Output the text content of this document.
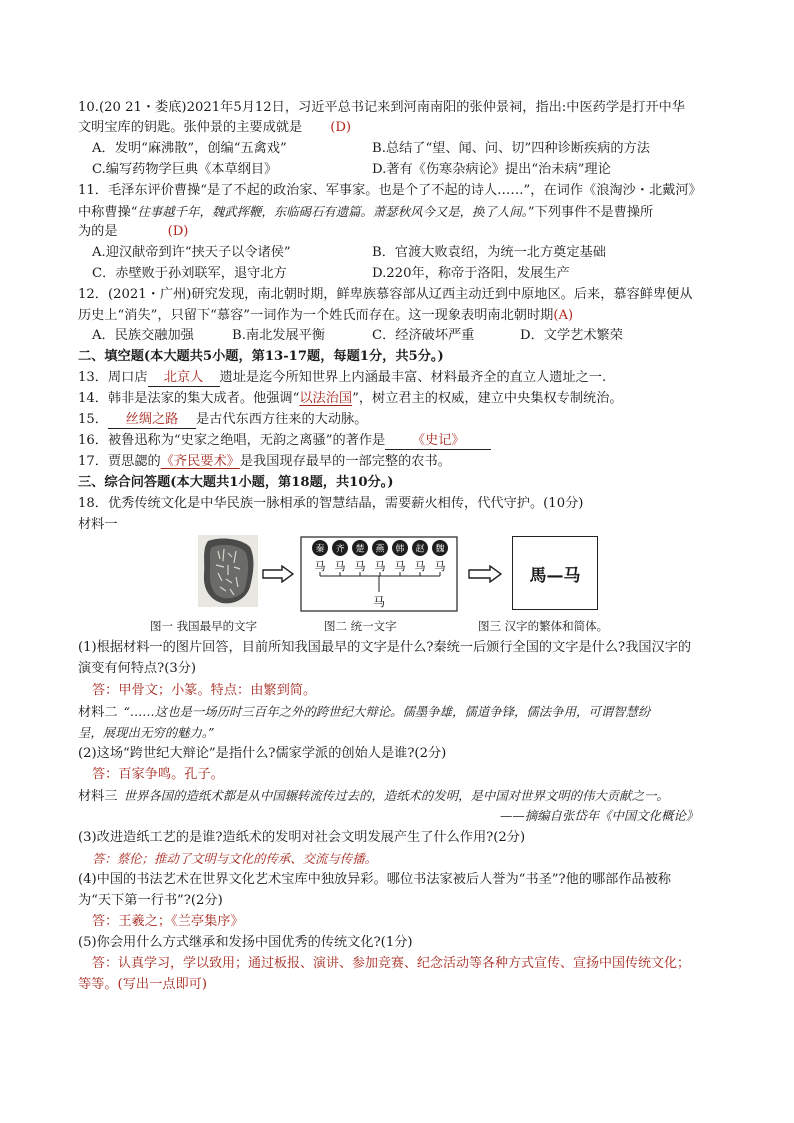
10.(20 21・娄底)2021年5月12日，习近平总书记来到河南南阳的张仲景祠，指出:中医药学是打开中华
文明宝库的钥匙。张仲景的主要成就是 (D)
A．发明“麻沸散”，创编“五禽戏”	B.总结了“望、闻、问、切”四种诊断疾病的方法
C.编写药物学巨典《本草纲目》	D.著有《伤寒杂病论》提出“治未病”理论
11．毛泽东评价曹操“是了不起的政治家、军事家。也是个了不起的诗人……”，在词作《浪淘沙・北戴河》
中称曹操“往事越千年，魏武挥鞭，东临碣石有遗篇。萧瑟秋风今又是，换了人间。”下列事件不是曹操所
为的是	(D)
A.迎汉献帝到许“挟天子以令诸侯”	B．官渡大败袁绍，为统一北方奠定基础
C．赤壁败于孙刘联军，退守北方	D.220年，称帝于洛阳，发展生产
12．(2021・广州)研究发现，南北朝时期，鲜卑族慕容部从辽西主动迁到中原地区。后来，慕容鲜卑便从
历史上“消失”，只留下“慕容”一词作为一个姓氏而存在。这一现象表明南北朝时期(A)
A．民族交融加强	B.南北发展平衡	C．经济破坏严重	D．文学艺术繁荣
二、填空题(本大题共5小题，第13-17题，每题1分，共5分。)
13．周口店 北京人 遗址是迄今所知世界上内涵最丰富、材料最齐全的直立人遗址之一.
14．韩非是法家的集大成者。他强调“以法治国”，树立君主的权威，建立中央集权专制统治。
15． 丝绸之路 是古代东西方往来的大动脉。
16．被鲁迅称为“史家之绝唱，无韵之离骚”的著作是 《史记》
17．贾思勰的《齐民要术》是我国现存最早的一部完整的农书。
三、综合问答题(本大题共1小题，第18题，共10分。)
18．优秀传统文化是中华民族一脉相承的智慧结晶，需要薪火相传，代代守护。(10分)
材料一
秦 齐 楚 燕 韩 赵 魏
马 马 马 马 马 马 马
马
馬—马
图一 我国最早的文字	图二 统一文字	图三 汉字的繁体和简体。
(1)根据材料一的图片回答，目前所知我国最早的文字是什么?秦统一后颁行全国的文字是什么?我国汉字的
演变有何特点?(3分)
答：甲骨文；小篆。特点：由繁到简。
材料二 “……这也是一场历时三百年之外的跨世纪大辩论。儒墨争雄，儒道争锋，儒法争用，可谓智慧纷
呈，展现出无穷的魅力。”
(2)这场“跨世纪大辩论”是指什么?儒家学派的创始人是谁?(2分)
答：百家争鸣。孔子。
材料三 世界各国的造纸术都是从中国辗转流传过去的，造纸术的发明，是中国对世界文明的伟大贡献之一。
——摘编自张岱年《中国文化概论》
(3)改进造纸工艺的是谁?造纸术的发明对社会文明发展产生了什么作用?(2分)
答：蔡伦；推动了文明与文化的传承、交流与传播。
(4)中国的书法艺术在世界文化艺术宝库中独放异彩。哪位书法家被后人誉为“书圣”?他的哪部作品被称
为“天下第一行书”?(2分)
答：王羲之；《兰亭集序》
(5)你会用什么方式继承和发扬中国优秀的传统文化?(1分)
答：认真学习，学以致用；通过板报、演讲、参加竞赛、纪念活动等各种方式宣传、宣扬中国传统文化；
等等。(写出一点即可)
